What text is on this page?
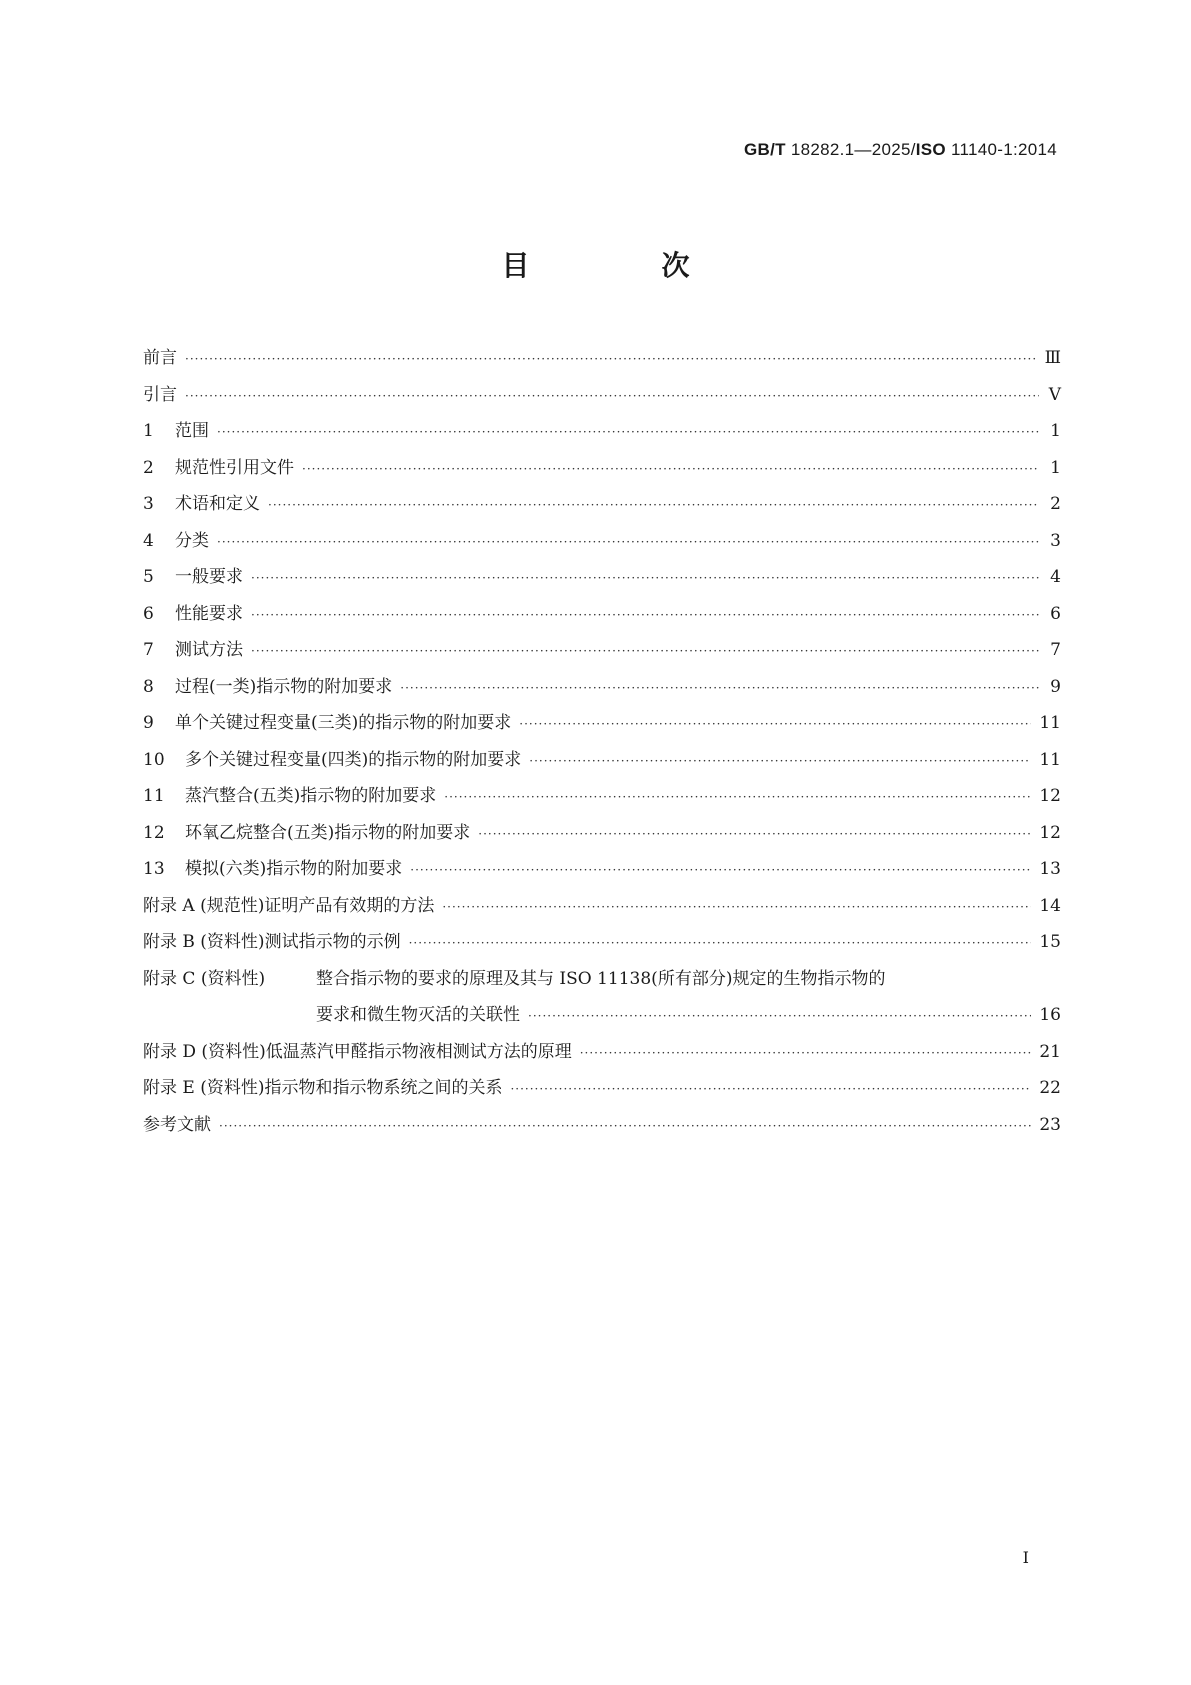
GB/T 18282.1—2025/ISO 11140-1:2014
目　次
前言 ·····	Ⅲ
引言 ·····	Ⅴ
1	范围 ·····	1
2	规范性引用文件 ·····	1
3	术语和定义 ·····	2
4	分类 ·····	3
5	一般要求 ·····	4
6	性能要求 ·····	6
7	测试方法 ·····	7
8	过程(一类)指示物的附加要求 ·····	9
9	单个关键过程变量(三类)的指示物的附加要求 ·····	11
10	多个关键过程变量(四类)的指示物的附加要求 ·····	11
11	蒸汽整合(五类)指示物的附加要求 ·····	12
12	环氧乙烷整合(五类)指示物的附加要求 ·····	12
13	模拟(六类)指示物的附加要求 ·····	13
附录 A (规范性) 证明产品有效期的方法 ·····	14
附录 B (资料性) 测试指示物的示例 ·····	15
附录 C (资料性)	整合指示物的要求的原理及其与 ISO 11138(所有部分)规定的生物指示物的
要求和微生物灭活的关联性 ·····	16
附录 D (资料性) 低温蒸汽甲醛指示物液相测试方法的原理 ·····	21
附录 E (资料性) 指示物和指示物系统之间的关系 ·····	22
参考文献 ·····	23
Ⅰ
